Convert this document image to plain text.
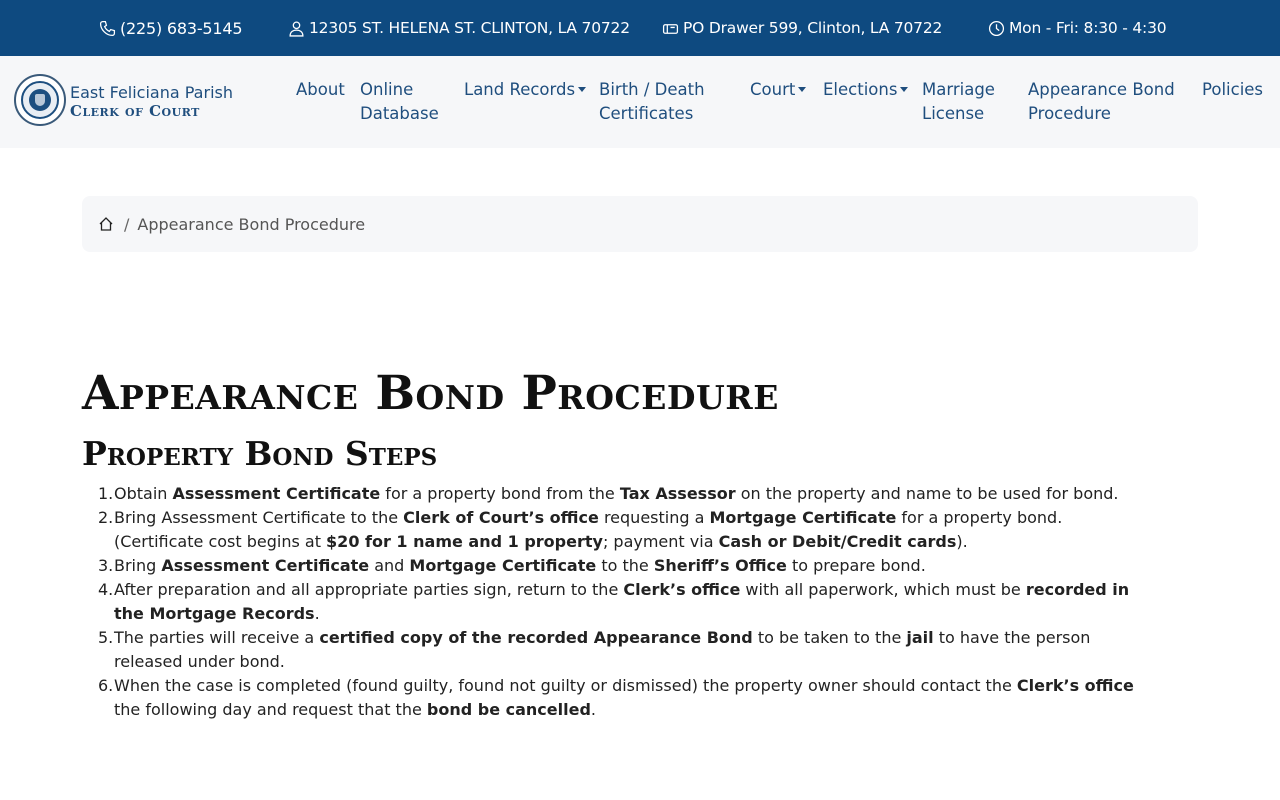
(225) 683-5145	12305 ST. HELENA ST. CLINTON, LA 70722	PO Drawer 599, Clinton, LA 70722	Mon - Fri: 8:30 - 4:30
East Feliciana Parish
Clerk of Court
About Online
Database
Land Records	Birth / Death
Certificates
Court	Elections	Marriage
License
Appearance Bond
Procedure
Policies
/ Appearance Bond Procedure
Appearance Bond Procedure
Property Bond Steps
1. Obtain Assessment Certificate for a property bond from the Tax Assessor on the property and name to be used for bond.
2. Bring Assessment Certificate to the Clerk of Court’s office requesting a Mortgage Certificate for a property bond. (Certificate cost begins at $20 for 1 name and 1 property; payment via Cash or Debit/Credit cards).
3. Bring Assessment Certificate and Mortgage Certificate to the Sheriff’s Office to prepare bond.
4. After preparation and all appropriate parties sign, return to the Clerk’s office with all paperwork, which must be recorded in the Mortgage Records.
5. The parties will receive a certified copy of the recorded Appearance Bond to be taken to the jail to have the person released under bond.
6. When the case is completed (found guilty, found not guilty or dismissed) the property owner should contact the Clerk’s office the following day and request that the bond be cancelled.
